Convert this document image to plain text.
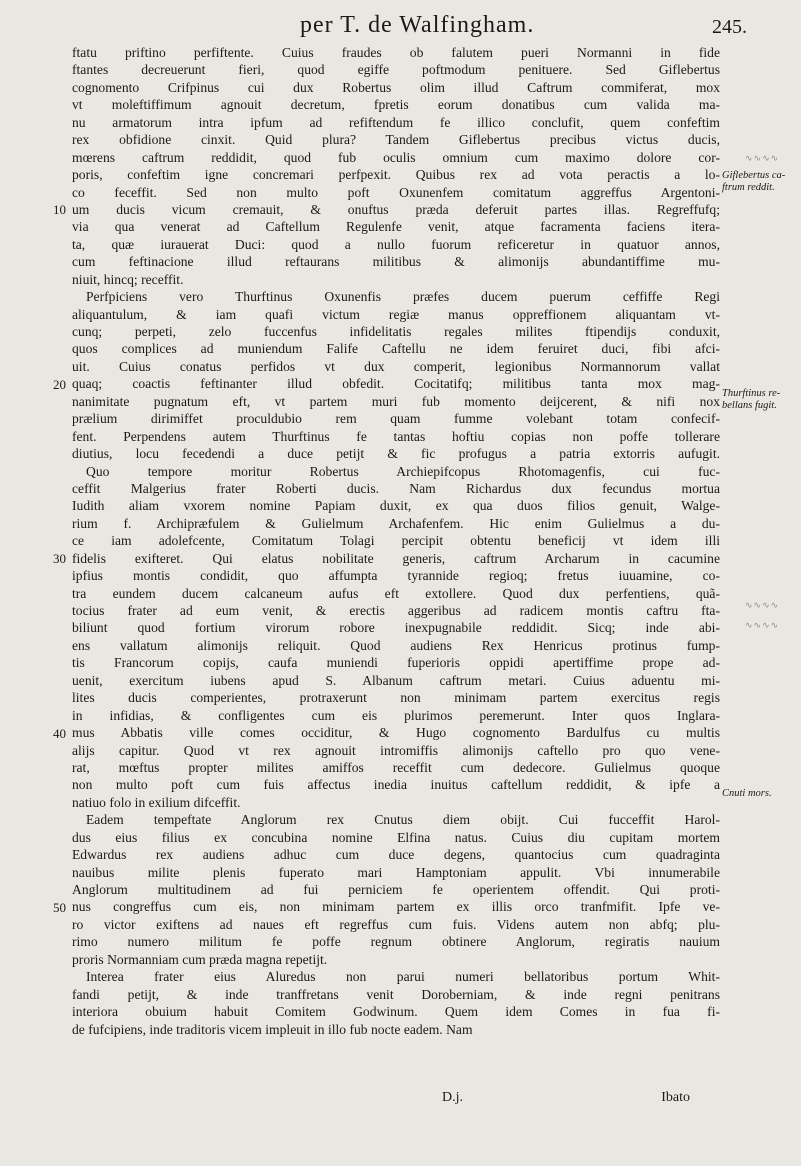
per T. de Walfingham.	245.
∿∿∿∿
∿∿∿∿
∿∿∿∿
ftatu priftino perfiftente. Cuius fraudes ob falutem pueri Normanni in fide
ftantes decreuerunt fieri, quod egiffe poftmodum penituere. Sed Giflebertus
cognomento Crifpinus cui dux Robertus olim illud Caftrum commiferat, mox
vt moleftiffimum agnouit decretum, fpretis eorum donatibus cum valida ma-
nu armatorum intra ipfum ad refiftendum fe illico conclufit, quem confeftim
rex obfidione cinxit. Quid plura? Tandem Giflebertus precibus victus ducis,
mœrens caftrum reddidit, quod fub oculis omnium cum maximo dolore cor-
poris, confeftim igne concremari perfpexit. Quibus rex ad vota peractis a lo-
co feceffit. Sed non multo poft Oxunenfem comitatum aggreffus Argentoni-
um ducis vicum cremauit, & onuftus præda deferuit partes illas. Regreffufq;
via qua venerat ad Caftellum Regulenfe venit, atque facramenta faciens itera-
ta, quæ iurauerat Duci: quod a nullo fuorum reficeretur in quatuor annos,
cum feftinacione illud reftaurans militibus & alimonijs abundantiffime mu-
niuit, hincq; receffit.
Perfpiciens vero Thurftinus Oxunenfis præfes ducem puerum ceffiffe Regi
aliquantulum, & iam quafi victum regiæ manus oppreffionem aliquantam vt-
cunq; perpeti, zelo fuccenfus infidelitatis regales milites ftipendijs conduxit,
quos complices ad muniendum Falife Caftellu ne idem feruiret duci, fibi afci-
uit. Cuius conatus perfidos vt dux comperit, legionibus Normannorum vallat
quaq; coactis feftinanter illud obfedit. Cocitatifq; militibus tanta mox mag-
nanimitate pugnatum eft, vt partem muri fub momento deijcerent, & nifi nox
prælium dirimiffet proculdubio rem quam fumme volebant totam confecif-
fent. Perpendens autem Thurftinus fe tantas hoftiu copias non poffe tollerare
diutius, locu fecedendi a duce petijt & fic profugus a patria extorris aufugit.
Quo tempore moritur Robertus Archiepifcopus Rhotomagenfis, cui fuc-
ceffit Malgerius frater Roberti ducis. Nam Richardus dux fecundus mortua
Iudith aliam vxorem nomine Papiam duxit, ex qua duos filios genuit, Walge-
rium f. Archipræfulem & Gulielmum Archafenfem. Hic enim Gulielmus a du-
ce iam adolefcente, Comitatum Tolagi percipit obtentu beneficij vt idem illi
fidelis exifteret. Qui elatus nobilitate generis, caftrum Archarum in cacumine
ipfius montis condidit, quo affumpta tyrannide regioq; fretus iuuamine, co-
tra eundem ducem calcaneum aufus eft extollere. Quod dux perfentiens, quã-
tocius frater ad eum venit, & erectis aggeribus ad radicem montis caftru fta-
biliunt quod fortium virorum robore inexpugnabile reddidit. Sicq; inde abi-
ens vallatum alimonijs reliquit. Quod audiens Rex Henricus protinus fump-
tis Francorum copijs, caufa muniendi fuperioris oppidi apertiffime prope ad-
uenit, exercitum iubens apud S. Albanum caftrum metari. Cuius aduentu mi-
lites ducis comperientes, protraxerunt non minimam partem exercitus regis
in infidias, & confligentes cum eis plurimos peremerunt. Inter quos Inglara-
mus Abbatis ville comes occiditur, & Hugo cognomento Bardulfus cu multis
alijs capitur. Quod vt rex agnouit intromiffis alimonijs caftello pro quo vene-
rat, mœftus propter milites amiffos receffit cum dedecore. Gulielmus quoque
non multo poft cum fuis affectus inedia inuitus caftellum reddidit, & ipfe a
natiuo folo in exilium difceffit.
Eadem tempeftate Anglorum rex Cnutus diem obijt. Cui fucceffit Harol-
dus eius filius ex concubina nomine Elfina natus. Cuius diu cupitam mortem
Edwardus rex audiens adhuc cum duce degens, quantocius cum quadraginta
nauibus milite plenis fuperato mari Hamptoniam appulit. Vbi innumerabile
Anglorum multitudinem ad fui perniciem fe operientem offendit. Qui proti-
nus congreffus cum eis, non minimam partem ex illis orco tranfmifit. Ipfe ve-
ro victor exiftens ad naues eft regreffus cum fuis. Videns autem non abfq; plu-
rimo numero militum fe poffe regnum obtinere Anglorum, regiratis nauium
proris Normanniam cum præda magna repetijt.
Interea frater eius Aluredus non parui numeri bellatoribus portum Whit-
fandi petijt, & inde tranffretans venit Doroberniam, & inde regni penitrans
interiora obuium habuit Comitem Godwinum. Quem idem Comes in fua fi-
de fufcipiens, inde traditoris vicem impleuit in illo fub nocte eadem. Nam
10
20
30
40
50
Giflebertus ca-ftrum reddit.
Thurftinus re-bellans fugit.
Cnuti mors.
D.j.	Ibato
